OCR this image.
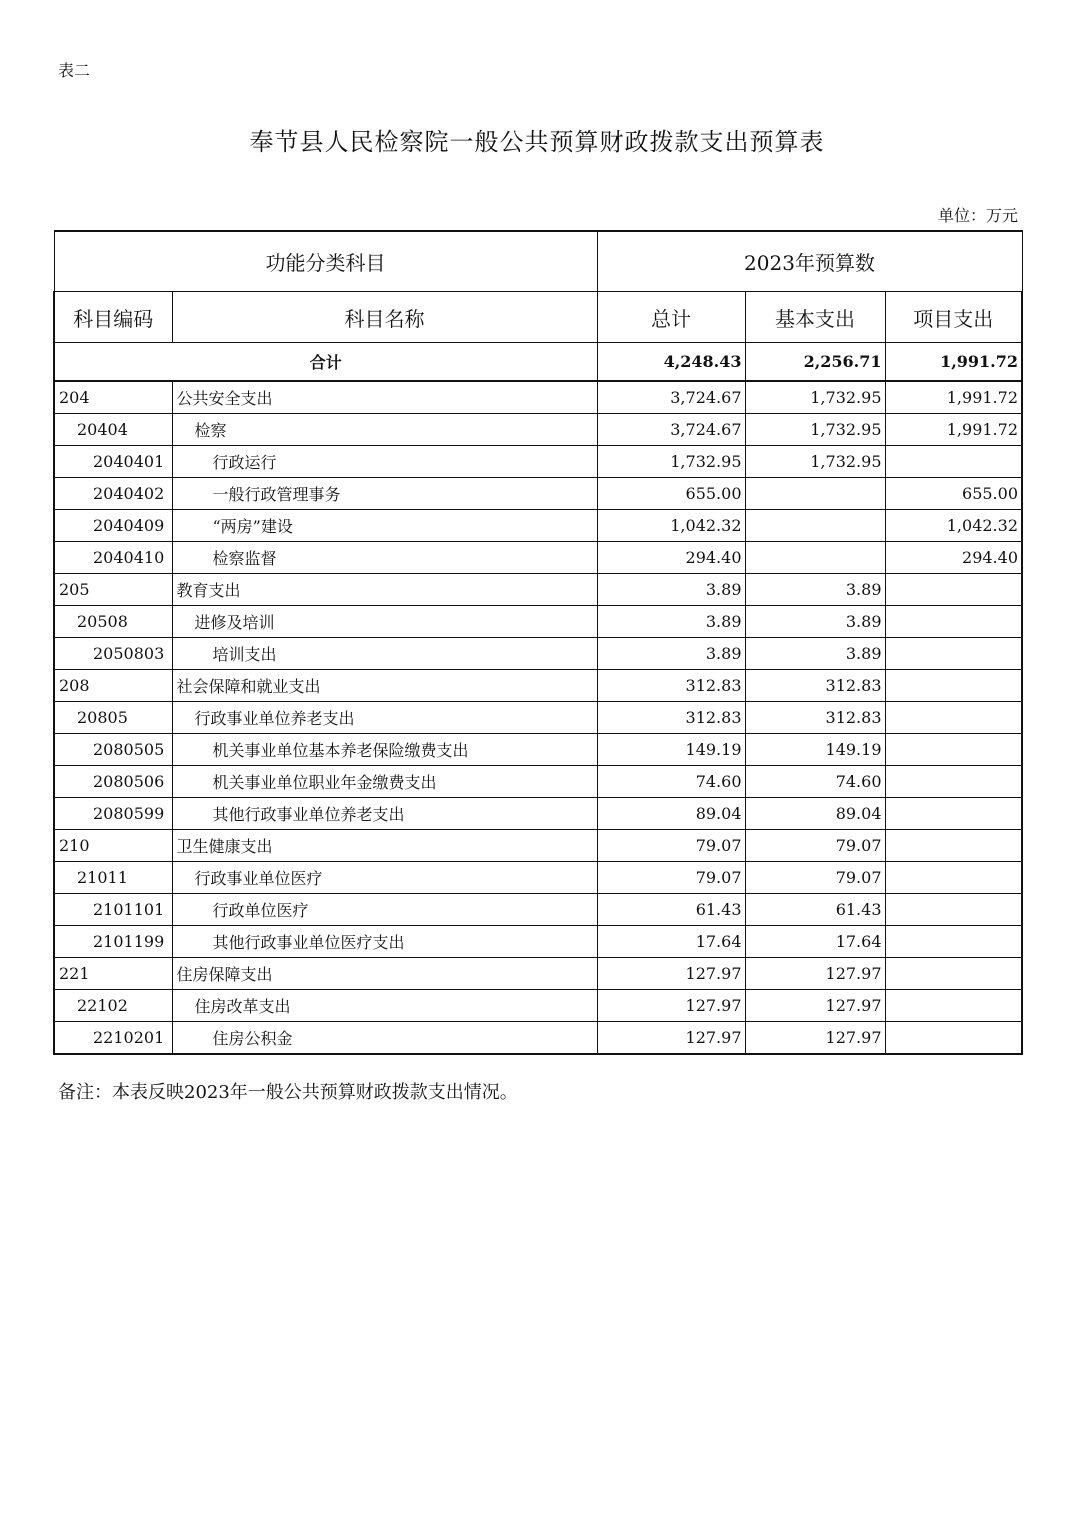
表二
奉节县人民检察院一般公共预算财政拨款支出预算表
单位：万元
功能分类科目		2023年预算数		
科目编码	科目名称	总计	基本支出	项目支出
合计		4,248.43	2,256.71	1,991.72
204	公共安全支出	3,724.67	1,732.95	1,991.72
20404	检察	3,724.67	1,732.95	1,991.72
2040401	行政运行	1,732.95	1,732.95	
2040402	一般行政管理事务	655.00		655.00
2040409	“两房”建设	1,042.32		1,042.32
2040410	检察监督	294.40		294.40
205	教育支出	3.89	3.89	
20508	进修及培训	3.89	3.89	
2050803	培训支出	3.89	3.89	
208	社会保障和就业支出	312.83	312.83	
20805	行政事业单位养老支出	312.83	312.83	
2080505	机关事业单位基本养老保险缴费支出	149.19	149.19	
2080506	机关事业单位职业年金缴费支出	74.60	74.60	
2080599	其他行政事业单位养老支出	89.04	89.04	
210	卫生健康支出	79.07	79.07	
21011	行政事业单位医疗	79.07	79.07	
2101101	行政单位医疗	61.43	61.43	
2101199	其他行政事业单位医疗支出	17.64	17.64	
221	住房保障支出	127.97	127.97	
22102	住房改革支出	127.97	127.97	
2210201	住房公积金	127.97	127.97	
备注：本表反映2023年一般公共预算财政拨款支出情况。
